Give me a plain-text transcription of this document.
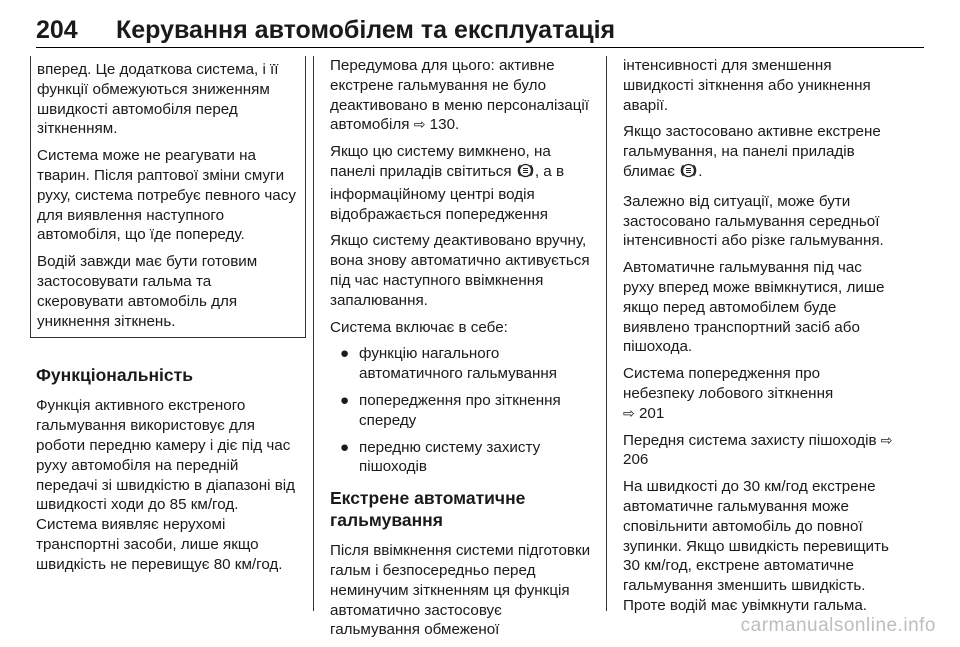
204	Керування автомобілем та експлуатація

вперед. Це додаткова система, і її функції обмежуються зниженням швидкості автомобіля перед зіткненням.

Система може не реагувати на тварин. Після раптової зміни смуги руху, система потребує певного часу для виявлення наступного автомобіля, що їде попереду.

Водій завжди має бути готовим застосовувати гальма та скеровувати автомобіль для уникнення зіткнень.

Функціональність

Функція активного екстреного гальмування використовує для роботи передню камеру і діє під час руху автомобіля на передній передачі зі швидкістю в діапазоні від швидкості ходи до 85 км/год. Система виявляє нерухомі транспортні засоби, лише якщо швидкість не перевищує 80 км/год.

Передумова для цього: активне екстрене гальмування не було деактивовано в меню персоналізації автомобіля ⇨ 130.

Якщо цю систему вимкнено, на панелі приладів світиться , а в інформаційному центрі водія відображається попередження

Якщо систему деактивовано вручну, вона знову автоматично активується під час наступного ввімкнення запалювання.

Система включає в себе:

● функцію нагального автоматичного гальмування
● попередження про зіткнення спереду
● передню систему захисту пішоходів
Екстрене автоматичне гальмування

Після ввімкнення системи підготовки гальм і безпосередньо перед неминучим зіткненням ця функція автоматично застосовує гальмування обмеженої

інтенсивності для зменшення швидкості зіткнення або уникнення аварії.

Якщо застосовано активне екстрене гальмування, на панелі приладів блимає .

Залежно від ситуації, може бути застосовано гальмування середньої інтенсивності або різке гальмування.

Автоматичне гальмування під час руху вперед може ввімкнутися, лише якщо перед автомобілем буде виявлено транспортний засіб або пішохода.

Система попередження про небезпеку лобового зіткнення
⇨ 201

Передня система захисту пішоходів ⇨ 206

На швидкості до 30 км/год екстрене автоматичне гальмування може сповільнити автомобіль до повної зупинки. Якщо швидкість перевищить 30 км/год, екстрене автоматичне гальмування зменшить швидкість. Проте водій має увімкнути гальма.

carmanualsonline.info
